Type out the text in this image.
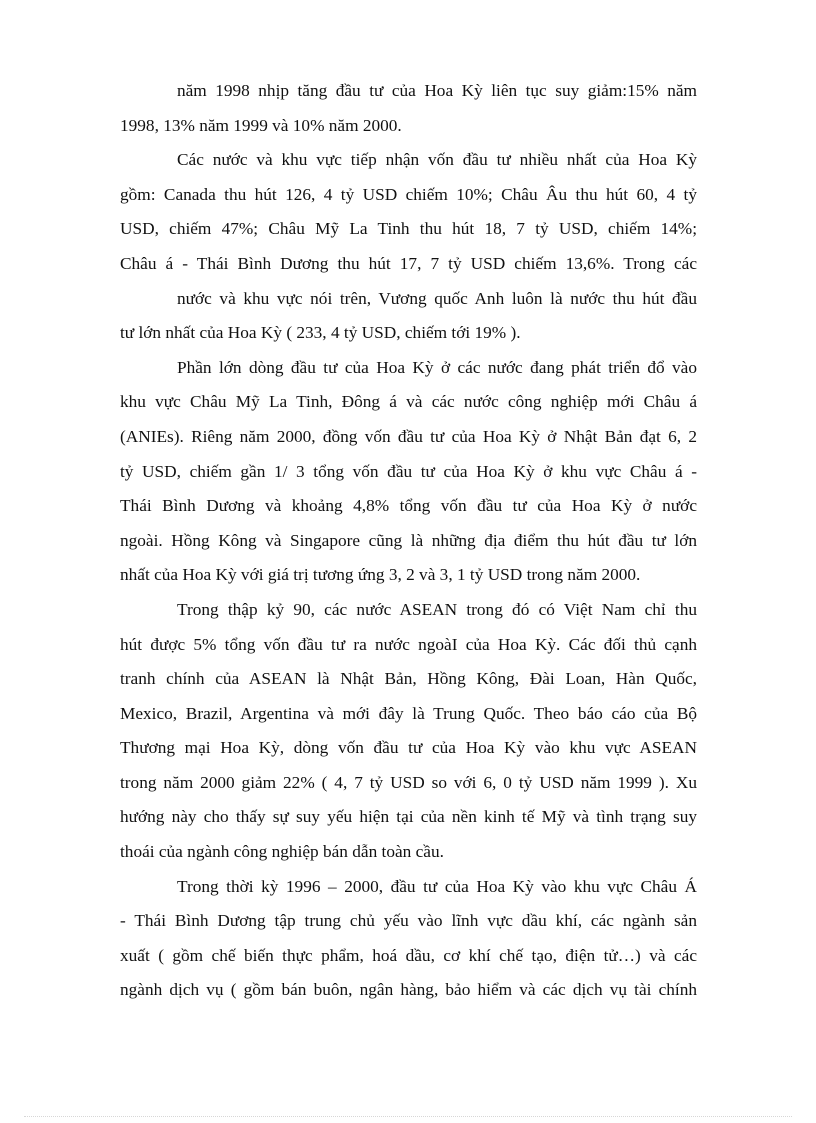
năm 1998 nhịp tăng đầu tư của Hoa Kỳ liên tục suy giảm:15% năm
1998, 13% năm 1999 và 10% năm 2000.
Các nước và khu vực tiếp nhận vốn đầu tư nhiều nhất của Hoa Kỳ
gồm: Canada thu hút 126, 4 tỷ USD chiếm 10%; Châu Âu thu hút 60, 4 tỷ
USD, chiếm 47%; Châu Mỹ La Tinh thu hút 18, 7 tỷ USD, chiếm 14%;
Châu á - Thái Bình Dương thu hút 17, 7 tỷ USD chiếm 13,6%. Trong các
nước và khu vực nói trên, Vương quốc Anh luôn là nước thu hút đầu
tư lớn nhất của Hoa Kỳ ( 233, 4 tỷ USD, chiếm tới 19% ).
Phần lớn dòng đầu tư của Hoa Kỳ ở các nước đang phát triển đổ vào
khu vực Châu Mỹ La Tinh, Đông á và các nước công nghiệp mới Châu á
(ANIEs). Riêng năm 2000, đồng vốn đầu tư của Hoa Kỳ ở Nhật Bản đạt 6, 2
tỷ USD, chiếm gần 1/ 3 tổng vốn đầu tư của Hoa Kỳ ở khu vực Châu á -
Thái Bình Dương và khoảng 4,8% tổng vốn đầu tư của Hoa Kỳ ở nước
ngoài. Hồng Kông và Singapore cũng là những địa điểm thu hút đầu tư lớn
nhất của Hoa Kỳ với giá trị tương ứng 3, 2 và 3, 1 tỷ USD trong năm 2000.
Trong thập kỷ 90, các nước ASEAN trong đó có Việt Nam chỉ thu
hút được 5% tổng vốn đầu tư ra nước ngoàI của Hoa Kỳ. Các đối thủ cạnh
tranh chính của ASEAN là Nhật Bản, Hồng Kông, Đài Loan, Hàn Quốc,
Mexico, Brazil, Argentina và mới đây là Trung Quốc. Theo báo cáo của Bộ
Thương mại Hoa Kỳ, dòng vốn đầu tư của Hoa Kỳ vào khu vực ASEAN
trong năm 2000 giảm 22% ( 4, 7 tỷ USD so với 6, 0 tỷ USD năm 1999 ). Xu
hướng này cho thấy sự suy yếu hiện tại của nền kinh tế Mỹ và tình trạng suy
thoái của ngành công nghiệp bán dẫn toàn cầu.
Trong thời kỳ 1996 – 2000, đầu tư của Hoa Kỳ vào khu vực Châu Á
- Thái Bình Dương tập trung chủ yếu vào lĩnh vực dầu khí, các ngành sản
xuất ( gồm chế biến thực phẩm, hoá dầu, cơ khí chế tạo, điện tử…) và các
ngành dịch vụ ( gồm bán buôn, ngân hàng, bảo hiểm và các dịch vụ tài chính
